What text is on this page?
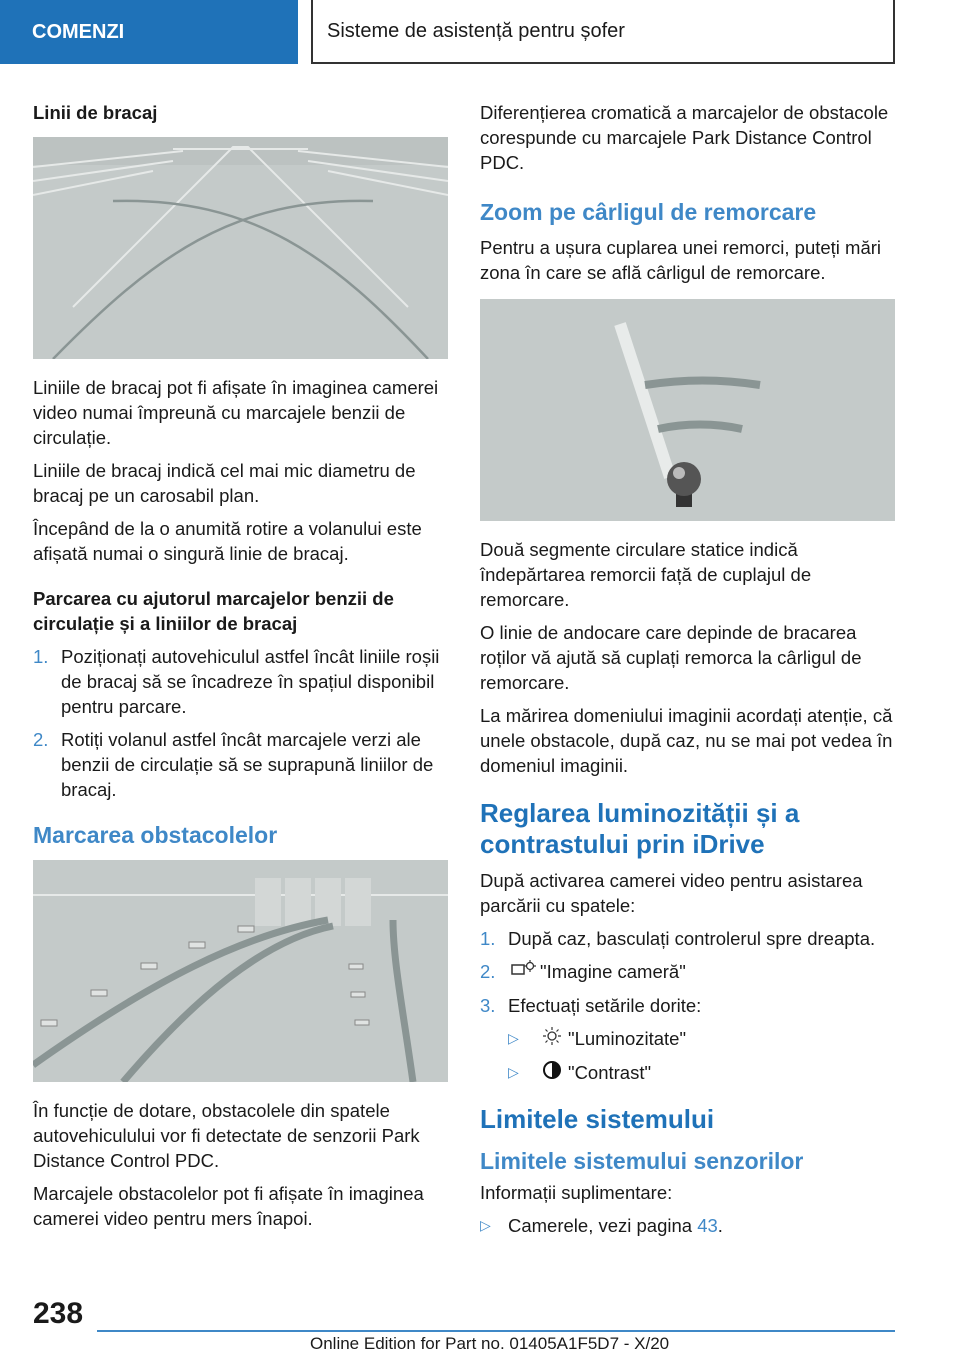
COMENZI	Sisteme de asistență pentru șofer

Linii de bracaj

Liniile de bracaj pot fi afișate în imaginea camerei video numai împreună cu marcajele benzii de circulație.

Liniile de bracaj indică cel mai mic diametru de bracaj pe un carosabil plan.

Începând de la o anumită rotire a volanului este afișată numai o singură linie de bracaj.

Parcarea cu ajutorul marcajelor benzii de circulație și a liniilor de bracaj

1. Poziționați autovehiculul astfel încât liniile roșii de bracaj să se încadreze în spațiul disponibil pentru parcare.
2. Rotiți volanul astfel încât marcajele verzi ale benzii de circulație să se suprapună liniilor de bracaj.
Marcarea obstacolelor

În funcție de dotare, obstacolele din spatele autovehiculului vor fi detectate de senzorii Park Distance Control PDC.

Marcajele obstacolelor pot fi afișate în imaginea camerei video pentru mers înapoi.

Diferențierea cromatică a marcajelor de obstacole corespunde cu marcajele Park Distance Control PDC.

Zoom pe cârligul de remorcare

Pentru a ușura cuplarea unei remorci, puteți mări zona în care se află cârligul de remorcare.

Două segmente circulare statice indică îndepărtarea remorcii față de cuplajul de remorcare.

O linie de andocare care depinde de bracarea roților vă ajută să cuplați remorca la cârligul de remorcare.

La mărirea domeniului imaginii acordați atenție, că unele obstacole, după caz, nu se mai pot vedea în domeniul imaginii.

Reglarea luminozității și a contrastului prin iDrive

După activarea camerei video pentru asistarea parcării cu spatele:

1. După caz, basculați controlerul spre dreapta.
2.	"Imagine cameră"
3. Efectuați setările dorite:
▷	"Luminozitate"
▷	"Contrast"
Limitele sistemului
Limitele sistemului senzorilor

Informații suplimentare:

▷ Camerele, vezi pagina 43.
238
Online Edition for Part no. 01405A1F5D7 - X/20
